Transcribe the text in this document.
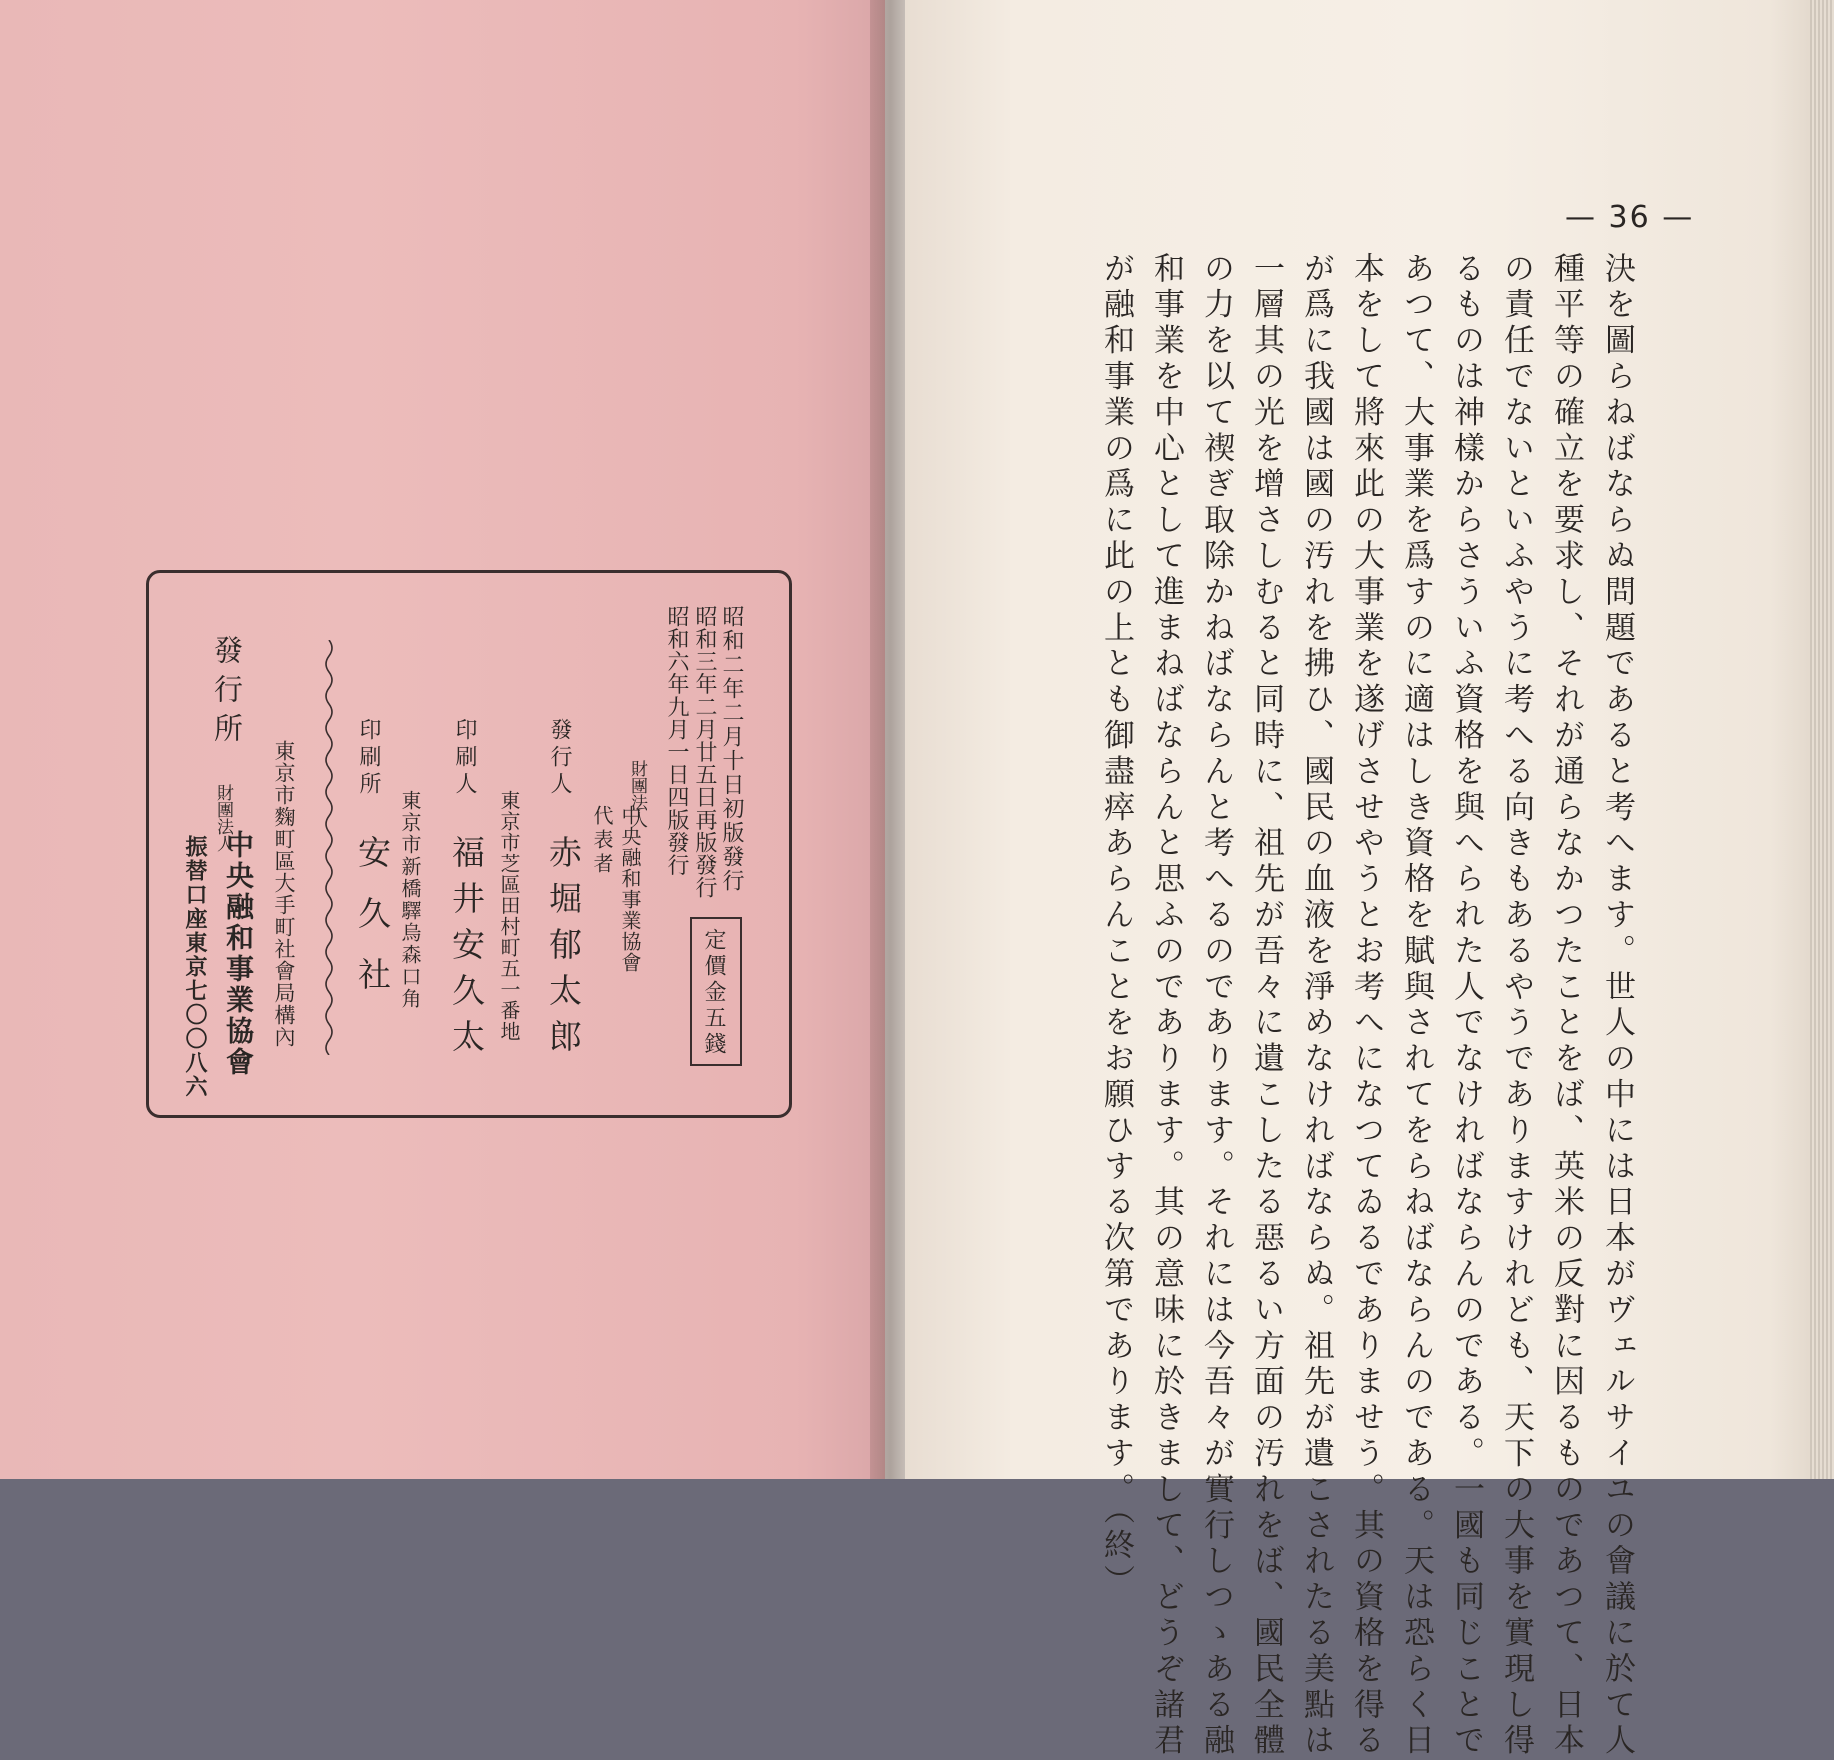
昭和二年二月十日初版發行
昭和三年二月廿五日再版發行
昭和六年九月一日四版發行
定價金五錢
財團法人
中央融和事業協會
代表者
發行人
赤堀郁太郎
東京市芝區田村町五一番地
印刷人
福井安久太
東京市新橋驛烏森口角
印刷所
安久社
東京市麴町區大手町社會局構內
發行所
財團法人
中央融和事業協會
振替口座東京七〇〇八六
— 36 —
決を圖らねばならぬ問題であると考へます。世人の中には日本がヴェルサイユの會議に於て人
種平等の確立を要求し、それが通らなかつたことをば、英米の反對に因るものであつて、日本
の責任でないといふやうに考へる向きもあるやうでありますけれども、天下の大事を實現し得
るものは神樣からさういふ資格を與へられた人でなければならんのである。一國も同じことで
あつて、大事業を爲すのに適はしき資格を賦與されてをらねばならんのである。天は恐らく日
本をして將來此の大事業を遂げさせやうとお考へになつてゐるでありませう。其の資格を得る
が爲に我國は國の汚れを拂ひ、國民の血液を淨めなければならぬ。祖先が遺こされたる美點は
一層其の光を增さしむると同時に、祖先が吾々に遺こしたる惡るい方面の汚れをば、國民全體
の力を以て禊ぎ取除かねばならんと考へるのであります。それには今吾々が實行しつゝある融
和事業を中心として進まねばならんと思ふのであります。其の意味に於きまして、どうぞ諸君
が融和事業の爲に此の上とも御盡瘁あらんことをお願ひする次第であります。（終）
